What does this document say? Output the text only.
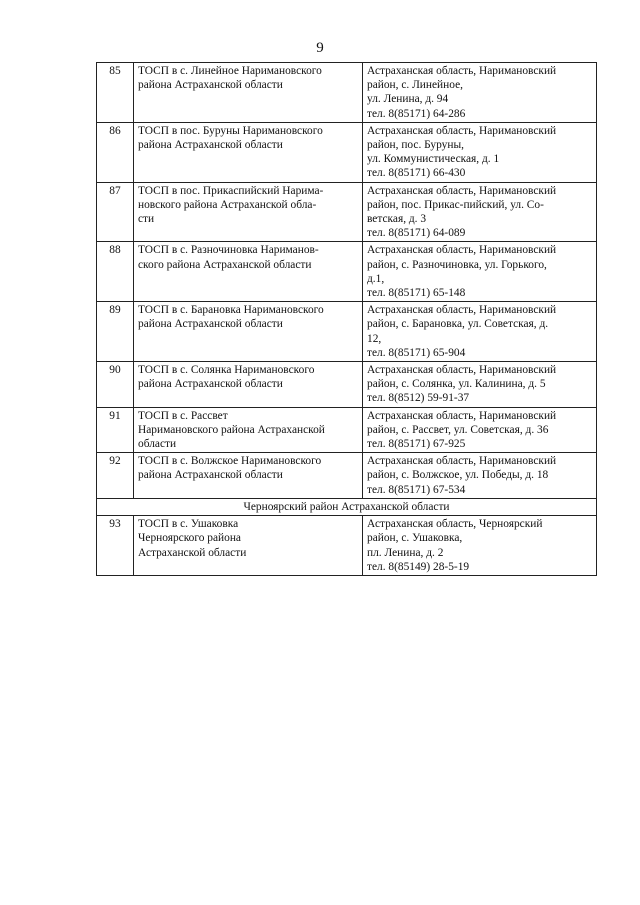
9
85	ТОСП в с. Линейное Наримановского
района Астраханской области	Астраханская область, Наримановский
район, с. Линейное,
ул. Ленина, д. 94
тел. 8(85171) 64-286
86	ТОСП в пос. Буруны Наримановского
района Астраханской области	Астраханская область, Наримановский
район, пос. Буруны,
ул. Коммунистическая, д. 1
тел. 8(85171) 66-430
87	ТОСП в пос. Прикаспийский Нарима-
новского района Астраханской обла-
сти	Астраханская область, Наримановский
район, пос. Прикас-пийский, ул. Со-
ветская, д. 3
тел. 8(85171) 64-089
88	ТОСП в с. Разночиновка Нариманов-
ского района Астраханской области	Астраханская область, Наримановский
район, с. Разночиновка, ул. Горького,
д.1,
тел. 8(85171) 65-148
89	ТОСП в с. Барановка Наримановского
района Астраханской области	Астраханская область, Наримановский
район, с. Барановка, ул. Советская, д.
12,
тел. 8(85171) 65-904
90	ТОСП в с. Солянка Наримановского
района Астраханской области	Астраханская область, Наримановский
район, с. Солянка, ул. Калинина, д. 5
тел. 8(8512) 59-91-37
91	ТОСП в с. Рассвет
Наримановского района Астраханской
области	Астраханская область, Наримановский
район, с. Рассвет, ул. Советская, д. 36
тел. 8(85171) 67-925
92	ТОСП в с. Волжское Наримановского
района Астраханской области	Астраханская область, Наримановский
район, с. Волжское, ул. Победы, д. 18
тел. 8(85171) 67-534
Черноярский район Астраханской области		
93	ТОСП в с. Ушаковка
Черноярского района
Астраханской области	Астраханская область, Черноярский
район, с. Ушаковка,
пл. Ленина, д. 2
тел. 8(85149) 28-5-19
